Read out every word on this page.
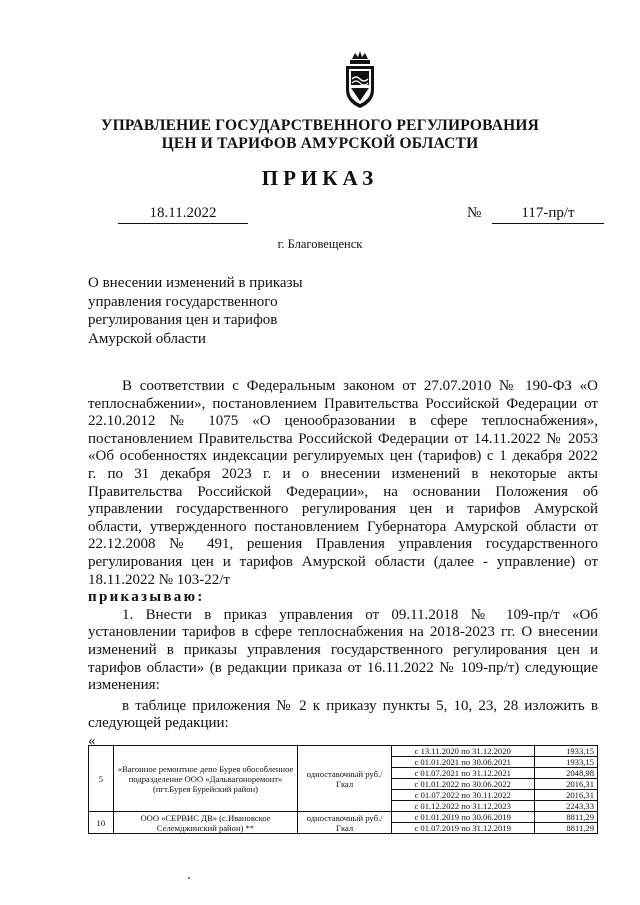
УПРАВЛЕНИЕ ГОСУДАРСТВЕННОГО РЕГУЛИРОВАНИЯ
ЦЕН И ТАРИФОВ АМУРСКОЙ ОБЛАСТИ
ПРИКАЗ
18.11.2022	№	117-пр/т
г. Благовещенск
О внесении изменений в приказы
управления государственного
регулирования цен и тарифов
Амурской области
В соответствии с Федеральным законом от 27.07.2010 № 190-ФЗ «О
теплоснабжении», постановлением Правительства Российской Федерации от
22.10.2012 № 1075 «О ценообразовании в сфере теплоснабжения»,
постановлением Правительства Российской Федерации от 14.11.2022 № 2053
«Об особенностях индексации регулируемых цен (тарифов) с 1 декабря 2022
г. по 31 декабря 2023 г. и о внесении изменений в некоторые акты
Правительства Российской Федерации», на основании Положения об
управлении государственного регулирования цен и тарифов Амурской
области, утвержденного постановлением Губернатора Амурской области от
22.12.2008 № 491, решения Правления управления государственного
регулирования цен и тарифов Амурской области (далее - управление) от
18.11.2022 № 103-22/т
приказываю:
1. Внести в приказ управления от 09.11.2018 № 109-пр/т «Об
установлении тарифов в сфере теплоснабжения на 2018-2023 гг. О внесении
изменений в приказы управления государственного регулирования цен и
тарифов области» (в редакции приказа от 16.11.2022 № 109-пр/т) следующие
изменения:
в таблице приложения № 2 к приказу пункты 5, 10, 23, 28 изложить в
следующей редакции:
«
5	«Вагонное ремонтное депо Бурея обособленное подразделение ООО «Дальвагоноремонт» (пгт.Бурея Бурейский район)	одноставочный руб./Гкал	с 13.11.2020 по 31.12.2020	1933,15
			с 01.01.2021 по 30.06.2021	1933,15
			с 01.07.2021 по 31.12.2021	2048,98
			с 01.01.2022 по 30.06.2022	2016,31
			с 01.07.2022 по 30.11.2022	2016,31
			с 01.12.2022 по 31.12.2023	2243,33
10	ООО «СЕРВИС ДВ» (с.Ивановское Селемджинский район) **	одноставочный руб./Гкал	с 01.01.2019 по 30.06.2019	8811,29
			с 01.07.2019 по 31.12.2019	8811,29
